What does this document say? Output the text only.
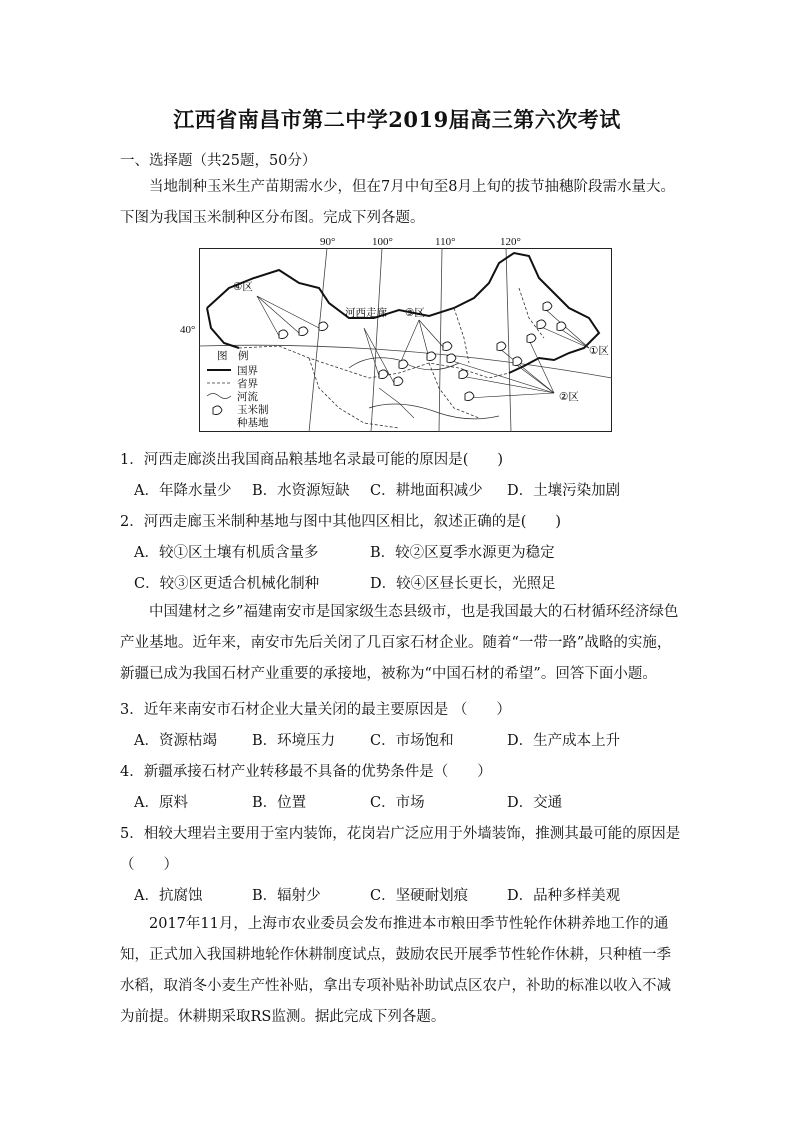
江西省南昌市第二中学2019届高三第六次考试
一、选择题（共25题，50分）
当地制种玉米生产苗期需水少，但在7月中旬至8月上旬的拔节抽穗阶段需水量大。下图为我国玉米制种区分布图。完成下列各题。
图　例
国界
省界
河流
玉米制
种基地
④区
河西走廊 ③区
①区
②区
90°	100°	110°	120°
40°
1．河西走廊淡出我国商品粮基地名录最可能的原因是(　　)
A．年降水量少 B．水资源短缺 C．耕地面积减少 D．土壤污染加剧
2．河西走廊玉米制种基地与图中其他四区相比，叙述正确的是(　　)
A．较①区土壤有机质含量多	B．较②区夏季水源更为稳定
C．较③区更适合机械化制种	D．较④区昼长更长，光照足
中国建材之乡”福建南安市是国家级生态县级市，也是我国最大的石材循环经济绿色产业基地。近年来，南安市先后关闭了几百家石材企业。随着“一带一路”战略的实施，新疆已成为我国石材产业重要的承接地，被称为“中国石材的希望”。回答下面小题。
3．近年来南安市石材企业大量关闭的最主要原因是 （　　）
A．资源枯竭 B．环境压力 C．市场饱和	D．生产成本上升
4．新疆承接石材产业转移最不具备的优势条件是（　　）
A．原料	B．位置	C．市场	D．交通
5．相较大理岩主要用于室内装饰，花岗岩广泛应用于外墙装饰，推测其最可能的原因是
（　　）
A．抗腐蚀	B．辐射少	C．坚硬耐划痕	D．品种多样美观
2017年11月，上海市农业委员会发布推进本市粮田季节性轮作休耕养地工作的通知，正式加入我国耕地轮作休耕制度试点，鼓励农民开展季节性轮作休耕，只种植一季水稻，取消冬小麦生产性补贴，拿出专项补贴补助试点区农户，补助的标准以收入不减为前提。休耕期采取RS监测。据此完成下列各题。
